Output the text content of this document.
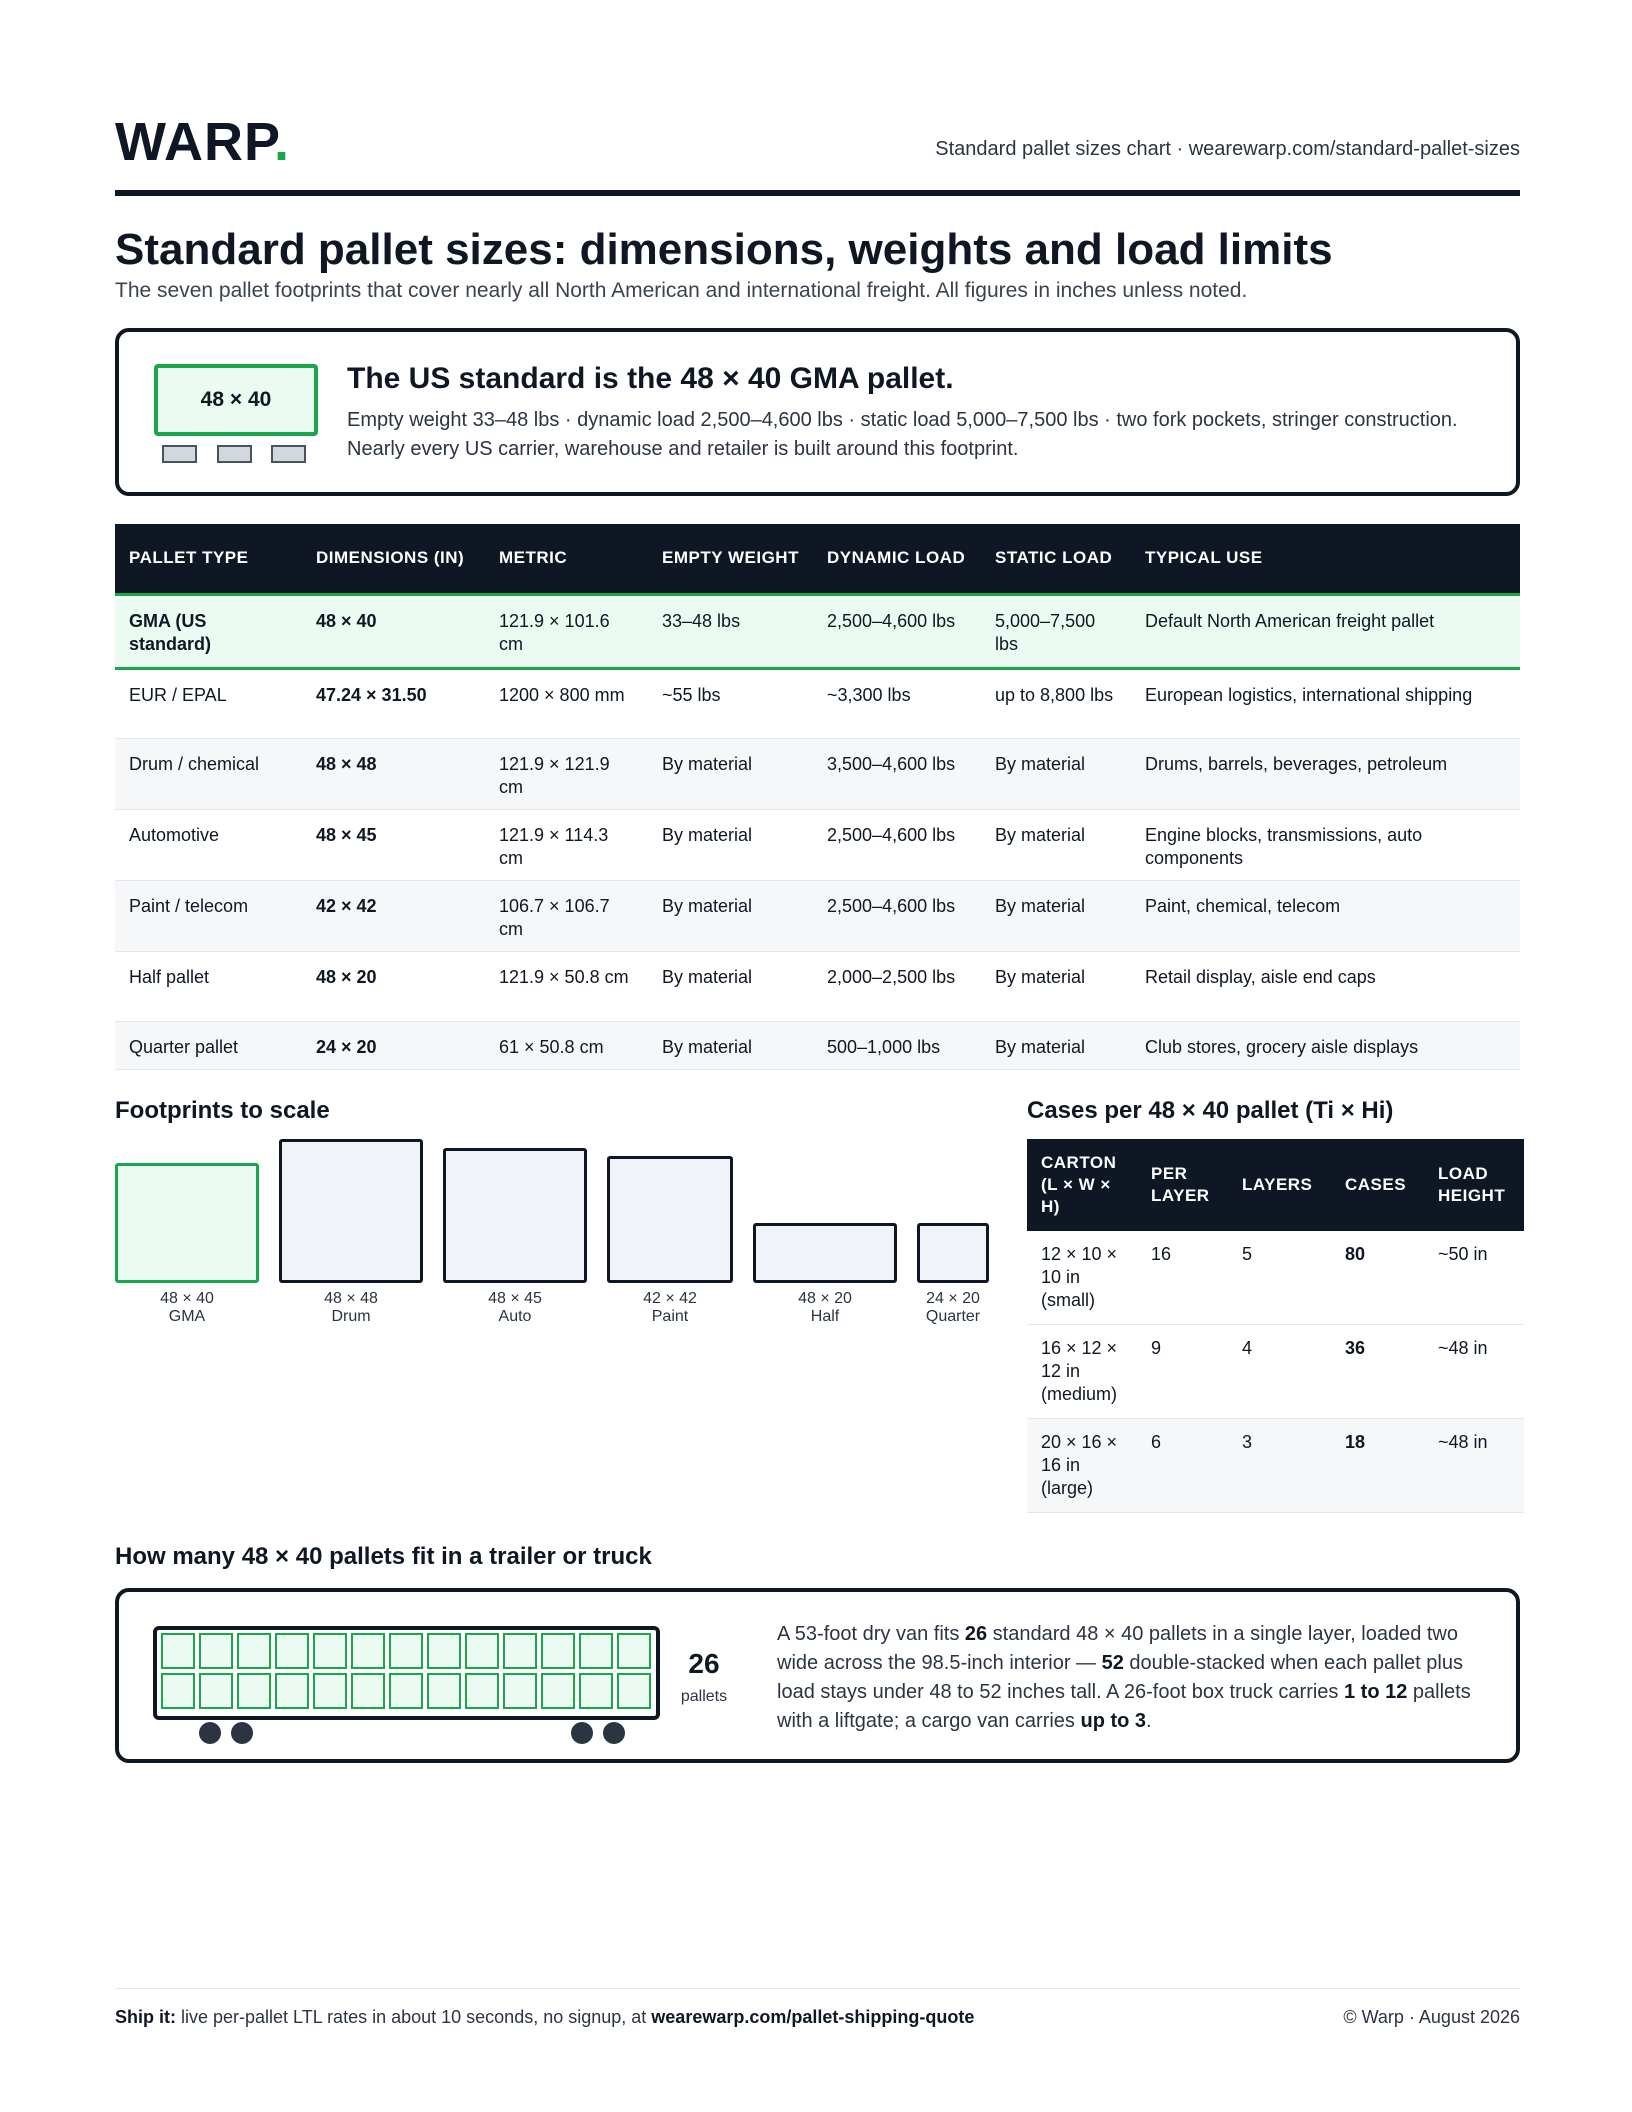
WARP.	Standard pallet sizes chart · wearewarp.com/standard-pallet-sizes
Standard pallet sizes: dimensions, weights and load limits
The seven pallet footprints that cover nearly all North American and international freight. All figures in inches unless noted.
48 × 40
The US standard is the 48 × 40 GMA pallet.
Empty weight 33–48 lbs · dynamic load 2,500–4,600 lbs · static load 5,000–7,500 lbs · two fork pockets, stringer construction. Nearly every US carrier, warehouse and retailer is built around this footprint.
PALLET TYPE	DIMENSIONS (IN)	METRIC	EMPTY WEIGHT	DYNAMIC LOAD	STATIC LOAD	TYPICAL USE
GMA (US standard)	48 × 40	121.9 × 101.6 cm	33–48 lbs	2,500–4,600 lbs	5,000–7,500 lbs	Default North American freight pallet
EUR / EPAL	47.24 × 31.50	1200 × 800 mm	~55 lbs	~3,300 lbs	up to 8,800 lbs	European logistics, international shipping
Drum / chemical	48 × 48	121.9 × 121.9 cm	By material	3,500–4,600 lbs	By material	Drums, barrels, beverages, petroleum
Automotive	48 × 45	121.9 × 114.3 cm	By material	2,500–4,600 lbs	By material	Engine blocks, transmissions, auto components
Paint / telecom	42 × 42	106.7 × 106.7 cm	By material	2,500–4,600 lbs	By material	Paint, chemical, telecom
Half pallet	48 × 20	121.9 × 50.8 cm	By material	2,000–2,500 lbs	By material	Retail display, aisle end caps
Quarter pallet	24 × 20	61 × 50.8 cm	By material	500–1,000 lbs	By material	Club stores, grocery aisle displays
Footprints to scale
48 × 40
GMA
48 × 48
Drum
48 × 45
Auto
42 × 42
Paint
48 × 20
Half
24 × 20
Quarter
Cases per 48 × 40 pallet (Ti × Hi)
CARTON (L × W × H)	PER LAYER	LAYERS	CASES	LOAD HEIGHT
12 × 10 × 10 in (small)	16	5	80	~50 in
16 × 12 × 12 in (medium)	9	4	36	~48 in
20 × 16 × 16 in (large)	6	3	18	~48 in
How many 48 × 40 pallets fit in a trailer or truck
26
pallets
A 53-foot dry van fits 26 standard 48 × 40 pallets in a single layer, loaded two wide across the 98.5-inch interior — 52 double-stacked when each pallet plus load stays under 48 to 52 inches tall. A 26-foot box truck carries 1 to 12 pallets with a liftgate; a cargo van carries up to 3.
Ship it: live per-pallet LTL rates in about 10 seconds, no signup, at wearewarp.com/pallet-shipping-quote	© Warp · August 2026
